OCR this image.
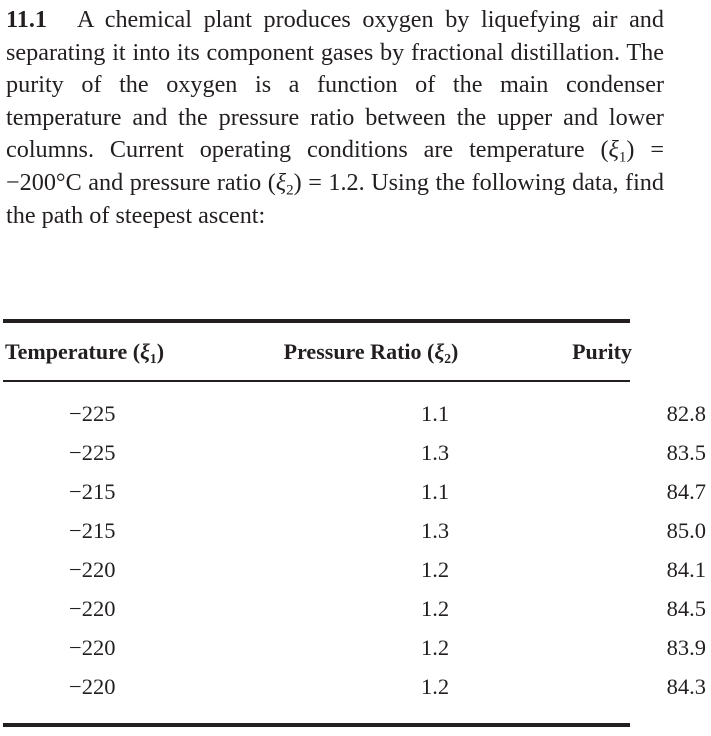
11.1 A chemical plant produces oxygen by liquefying air and separating it into its component gases by fractional distillation. The purity of the oxygen is a function of the main condenser temperature and the pressure ratio between the upper and lower columns. Current operating conditions are temperature $(\xi_1) = -200^\circ C$ and pressure ratio $(\xi_2) = 1.2$. Using the following data, find the path of steepest ascent:

Temperature $(\xi_1)$	Pressure Ratio $(\xi_2)$	Purity

−225	1.1	82.8
−225	1.3	83.5
−215	1.1	84.7
−215	1.3	85.0
−220	1.2	84.1
−220	1.2	84.5
−220	1.2	83.9
−220	1.2	84.3
